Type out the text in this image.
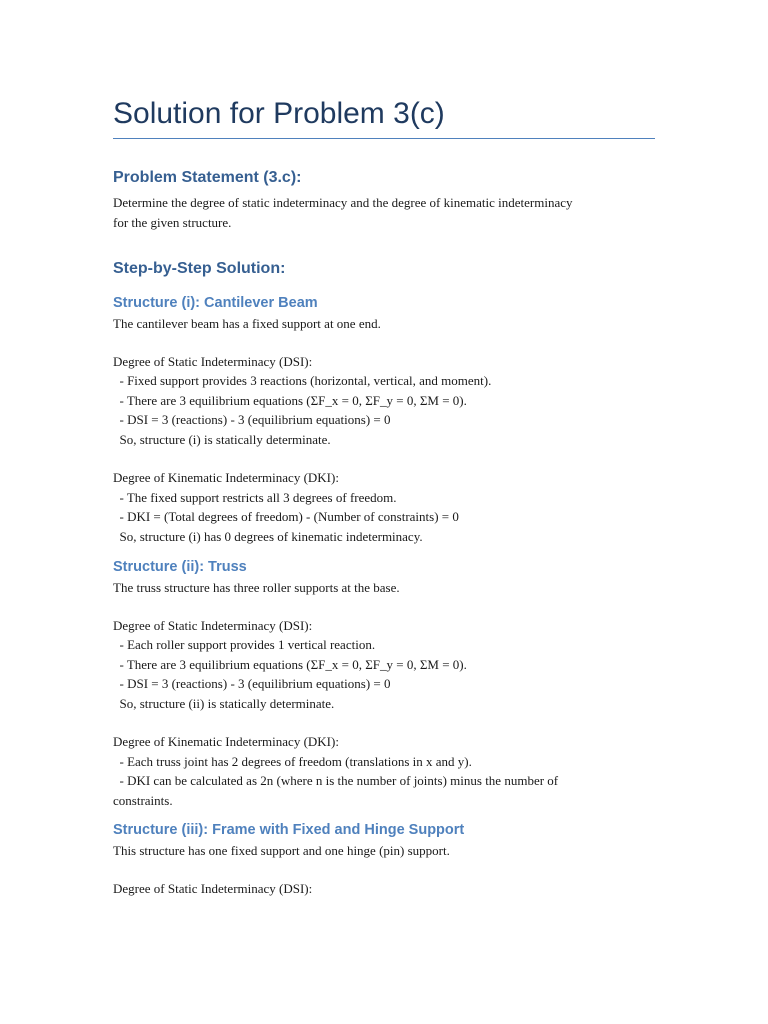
Solution for Problem 3(c)
Problem Statement (3.c):
Determine the degree of static indeterminacy and the degree of kinematic indeterminacy
for the given structure.
Step-by-Step Solution:
Structure (i): Cantilever Beam

The cantilever beam has a fixed support at one end.

Degree of Static Indeterminacy (DSI):
- Fixed support provides 3 reactions (horizontal, vertical, and moment).
- There are 3 equilibrium equations (ΣF_x = 0, ΣF_y = 0, ΣM = 0).
- DSI = 3 (reactions) - 3 (equilibrium equations) = 0
So, structure (i) is statically determinate.
Degree of Kinematic Indeterminacy (DKI):
- The fixed support restricts all 3 degrees of freedom.
- DKI = (Total degrees of freedom) - (Number of constraints) = 0
So, structure (i) has 0 degrees of kinematic indeterminacy.
Structure (ii): Truss

The truss structure has three roller supports at the base.

Degree of Static Indeterminacy (DSI):
- Each roller support provides 1 vertical reaction.
- There are 3 equilibrium equations (ΣF_x = 0, ΣF_y = 0, ΣM = 0).
- DSI = 3 (reactions) - 3 (equilibrium equations) = 0
So, structure (ii) is statically determinate.
Degree of Kinematic Indeterminacy (DKI):
- Each truss joint has 2 degrees of freedom (translations in x and y).
- DKI can be calculated as 2n (where n is the number of joints) minus the number of
constraints.
Structure (iii): Frame with Fixed and Hinge Support

This structure has one fixed support and one hinge (pin) support.

Degree of Static Indeterminacy (DSI):
